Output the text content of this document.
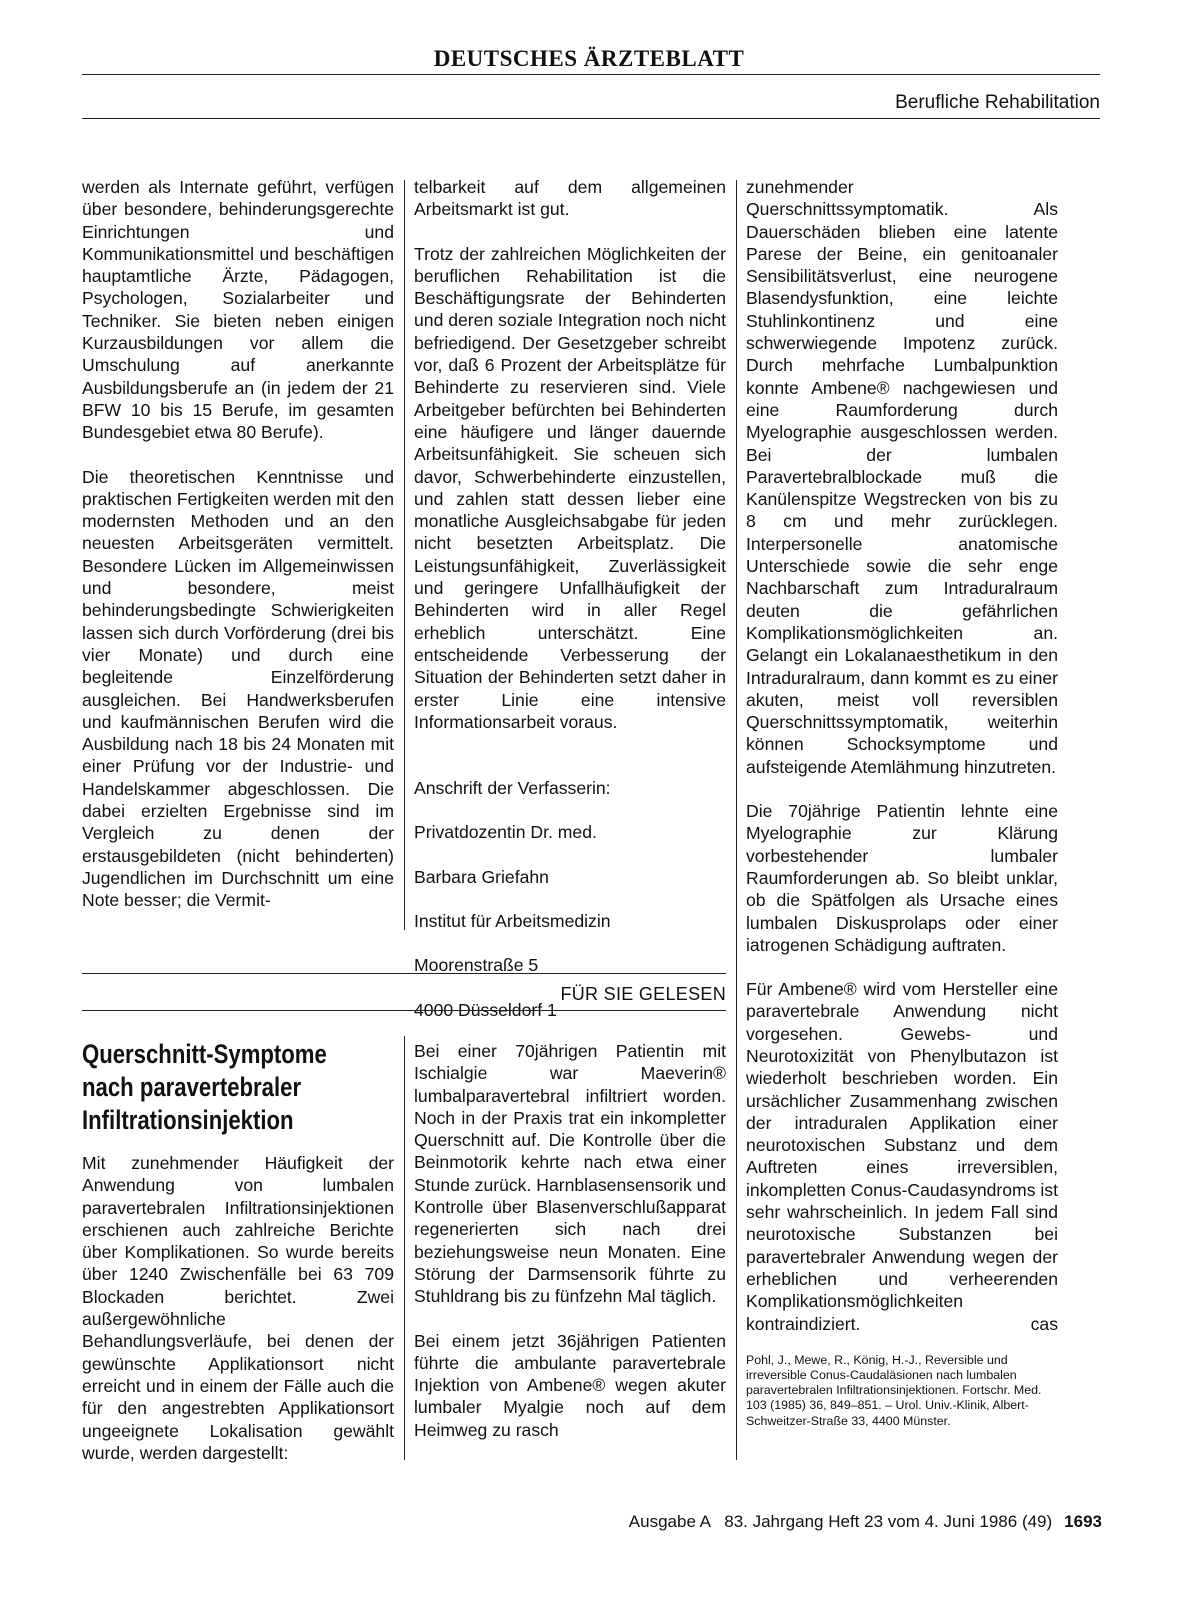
DEUTSCHES ÄRZTEBLATT
Berufliche Rehabilitation

werden als Internate geführt, verfügen über besondere, behinderungsgerechte Einrichtungen und Kommunikationsmittel und beschäftigen hauptamtliche Ärzte, Pädagogen, Psychologen, Sozialarbeiter und Techniker. Sie bieten neben einigen Kurzausbildungen vor allem die Umschulung auf anerkannte Ausbildungsberufe an (in jedem der 21 BFW 10 bis 15 Berufe, im gesamten Bundesgebiet etwa 80 Berufe).

Die theoretischen Kenntnisse und praktischen Fertigkeiten werden mit den modernsten Methoden und an den neuesten Arbeitsgeräten vermittelt. Besondere Lücken im Allgemeinwissen und besondere, meist behinderungsbedingte Schwierigkeiten lassen sich durch Vorförderung (drei bis vier Monate) und durch eine begleitende Einzelförderung ausgleichen. Bei Handwerksberufen und kaufmännischen Berufen wird die Ausbildung nach 18 bis 24 Monaten mit einer Prüfung vor der Industrie- und Handelskammer abgeschlossen. Die dabei erzielten Ergebnisse sind im Vergleich zu denen der erstausgebildeten (nicht behinderten) Jugendlichen im Durchschnitt um eine Note besser; die Vermit-

telbarkeit auf dem allgemeinen Arbeitsmarkt ist gut.

Trotz der zahlreichen Möglichkeiten der beruflichen Rehabilitation ist die Beschäftigungsrate der Behinderten und deren soziale Integration noch nicht befriedigend. Der Gesetzgeber schreibt vor, daß 6 Prozent der Arbeitsplätze für Behinderte zu reservieren sind. Viele Arbeitgeber befürchten bei Behinderten eine häufigere und länger dauernde Arbeitsunfähigkeit. Sie scheuen sich davor, Schwerbehinderte einzustellen, und zahlen statt dessen lieber eine monatliche Ausgleichsabgabe für jeden nicht besetzten Arbeitsplatz. Die Leistungsunfähigkeit, Zuverlässigkeit und geringere Unfallhäufigkeit der Behinderten wird in aller Regel erheblich unterschätzt. Eine entscheidende Verbesserung der Situation der Behinderten setzt daher in erster Linie eine intensive Informationsarbeit voraus.

Anschrift der Verfasserin:

Privatdozentin Dr. med.

Barbara Griefahn

Institut für Arbeitsmedizin

Moorenstraße 5

4000 Düsseldorf 1

zunehmender Querschnittssymptomatik. Als Dauerschäden blieben eine latente Parese der Beine, ein genitoanaler Sensibilitätsverlust, eine neurogene Blasendysfunktion, eine leichte Stuhlinkontinenz und eine schwerwiegende Impotenz zurück. Durch mehrfache Lumbalpunktion konnte Ambene® nachgewiesen und eine Raumforderung durch Myelographie ausgeschlossen werden. Bei der lumbalen Paravertebralblockade muß die Kanülenspitze Wegstrecken von bis zu 8 cm und mehr zurücklegen. Interpersonelle anatomische Unterschiede sowie die sehr enge Nachbarschaft zum Intraduralraum deuten die gefährlichen Komplikationsmöglichkeiten an. Gelangt ein Lokalanaesthetikum in den Intraduralraum, dann kommt es zu einer akuten, meist voll reversiblen Querschnittssymptomatik, weiterhin können Schocksymptome und aufsteigende Atemlähmung hinzutreten.

Die 70jährige Patientin lehnte eine Myelographie zur Klärung vorbestehender lumbaler Raumforderungen ab. So bleibt unklar, ob die Spätfolgen als Ursache eines lumbalen Diskusprolaps oder einer iatrogenen Schädigung auftraten.

Für Ambene® wird vom Hersteller eine paravertebrale Anwendung nicht vorgesehen. Gewebs- und Neurotoxizität von Phenylbutazon ist wiederholt beschrieben worden. Ein ursächlicher Zusammenhang zwischen der intraduralen Applikation einer neurotoxischen Substanz und dem Auftreten eines irreversiblen, inkompletten Conus-Caudasyndroms ist sehr wahrscheinlich. In jedem Fall sind neurotoxische Substanzen bei paravertebraler Anwendung wegen der erheblichen und verheerenden Komplikationsmöglichkeiten kontraindiziert.	cas

Pohl, J., Mewe, R., König, H.-J., Reversible und irreversible Conus-Caudaläsionen nach lumbalen paravertebralen Infiltrationsinjektionen. Fortschr. Med. 103 (1985) 36, 849–851. – Urol. Univ.-Klinik, Albert-Schweitzer-Straße 33, 4400 Münster.
FÜR SIE GELESEN
Querschnitt-Symptome
nach paravertebraler
Infiltrationsinjektion

Mit zunehmender Häufigkeit der Anwendung von lumbalen paravertebralen Infiltrationsinjektionen erschienen auch zahlreiche Berichte über Komplikationen. So wurde bereits über 1240 Zwischenfälle bei 63 709 Blockaden berichtet. Zwei außergewöhnliche Behandlungsverläufe, bei denen der gewünschte Applikationsort nicht erreicht und in einem der Fälle auch die für den angestrebten Applikationsort ungeeignete Lokalisation gewählt wurde, werden dargestellt:

Bei einer 70jährigen Patientin mit Ischialgie war Maeverin® lumbalparavertebral infiltriert worden. Noch in der Praxis trat ein inkompletter Querschnitt auf. Die Kontrolle über die Beinmotorik kehrte nach etwa einer Stunde zurück. Harnblasensensorik und Kontrolle über Blasenverschlußapparat regenerierten sich nach drei beziehungsweise neun Monaten. Eine Störung der Darmsensorik führte zu Stuhldrang bis zu fünfzehn Mal täglich.

Bei einem jetzt 36jährigen Patienten führte die ambulante paravertebrale Injektion von Ambene® wegen akuter lumbaler Myalgie noch auf dem Heimweg zu rasch

Ausgabe A   83. Jahrgang Heft 23 vom 4. Juni 1986 (49) 1693
